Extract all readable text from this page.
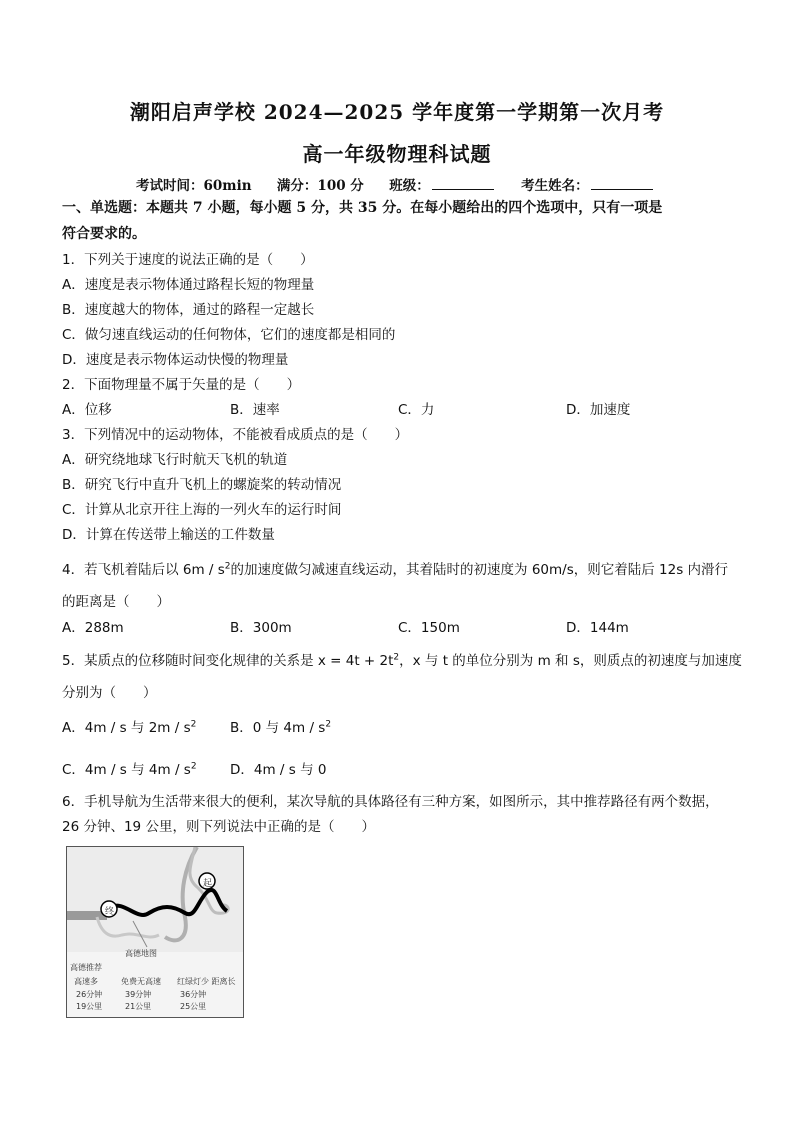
潮阳启声学校 2024—2025 学年度第一学期第一次月考
高一年级物理科试题
考试时间：60min 满分：100 分 班级：	考生姓名：
一、单选题：本题共 7 小题，每小题 5 分，共 35 分。在每小题给出的四个选项中，只有一项是
符合要求的。
1．下列关于速度的说法正确的是（　　）
A．速度是表示物体通过路程长短的物理量
B．速度越大的物体，通过的路程一定越长
C．做匀速直线运动的任何物体，它们的速度都是相同的
D．速度是表示物体运动快慢的物理量
2．下面物理量不属于矢量的是（　　）
A．位移	B．速率	C．力	D．加速度
3．下列情况中的运动物体，不能被看成质点的是（　　）
A．研究绕地球飞行时航天飞机的轨道
B．研究飞行中直升飞机上的螺旋桨的转动情况
C．计算从北京开往上海的一列火车的运行时间
D．计算在传送带上输送的工件数量
4．若飞机着陆后以 $6m / s^2$的加速度做匀减速直线运动，其着陆时的初速度为 60m/s，则它着陆后 12s 内滑行
的距离是（　　）
A．288m	B．300m	C．150m	D．144m
5．某质点的位移随时间变化规律的关系是 $x = 4t + 2t^2$，x 与 t 的单位分别为 m 和 s，则质点的初速度与加速度
分别为（　　）
A．4m / s 与 $2m / s^2$ B．0 与 $4m / s^2$
C．4m / s 与 $4m / s^2$ D．4m / s 与 0
6．手机导航为生活带来很大的便利，某次导航的具体路径有三种方案，如图所示，其中推荐路径有两个数据，
26 分钟、19 公里，则下列说法中正确的是（　　）
终
起
高德地图
高德推荐
高速多
26分钟
19公里
免费无高速
39分钟
21公里
红绿灯少 距离长
36分钟
25公里
